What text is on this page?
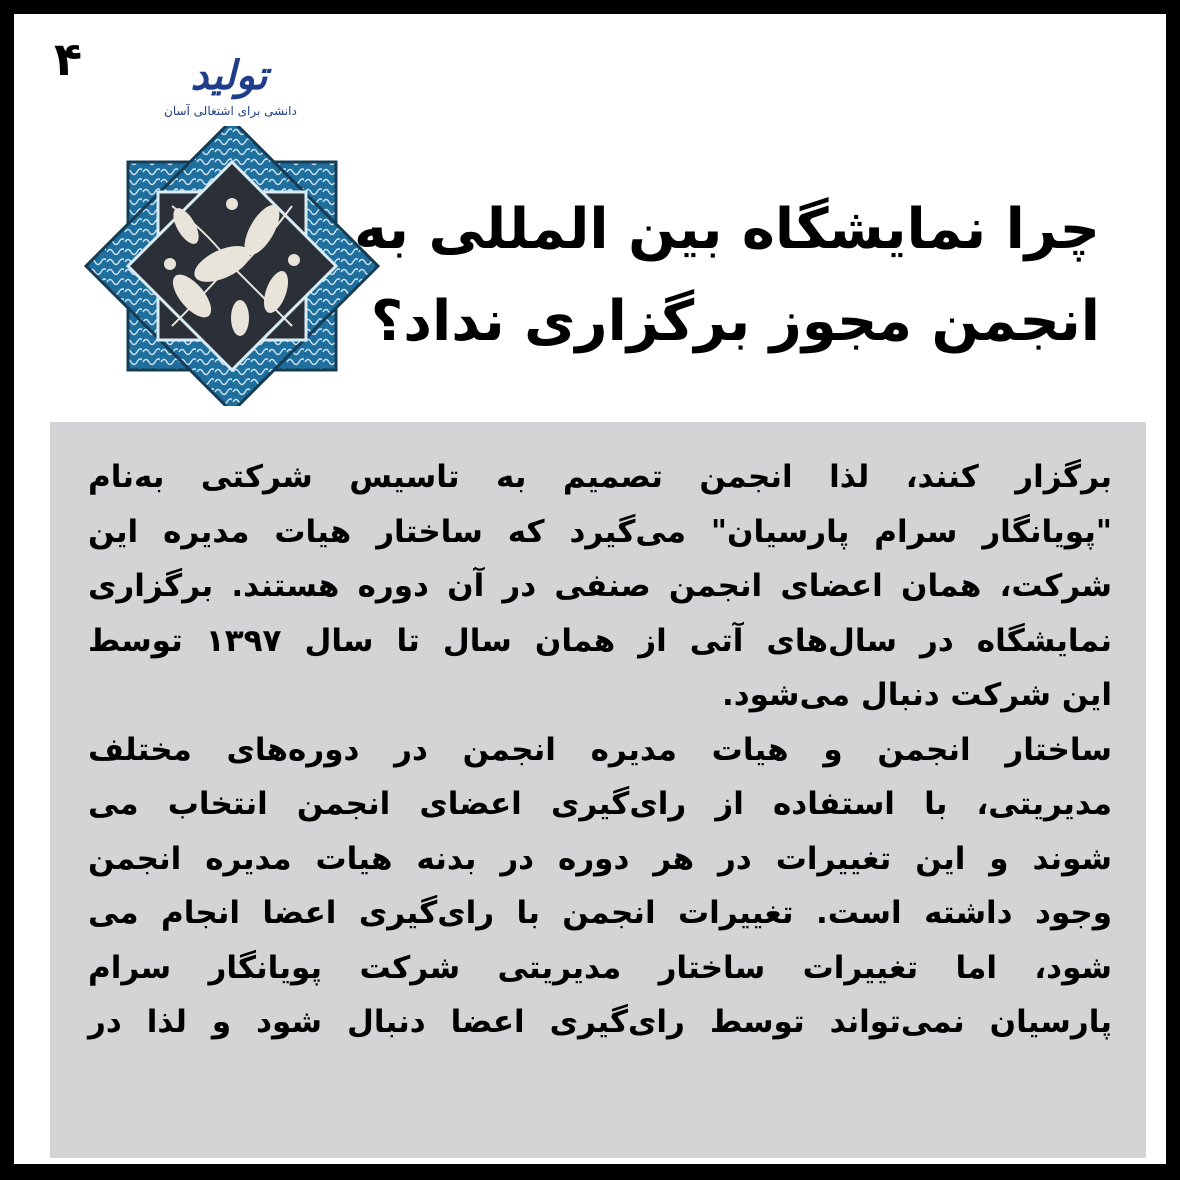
۴	تولید
دانشی برای اشتغالی آسان
چرا نمایشگاه بین المللی به
انجمن مجوز برگزاری نداد؟
برگزار کنند، لذا انجمن تصمیم به تاسیس شرکتی به‌نام
"پویانگار سرام پارسیان" می‌گیرد که ساختار هیات مدیره این
شرکت، همان اعضای انجمن صنفی در آن دوره هستند. برگزاری
نمایشگاه در سال‌های آتی از همان سال تا سال ۱۳۹۷ توسط
این شرکت دنبال می‌شود.
ساختار انجمن و هیات مدیره انجمن در دوره‌های مختلف
مدیریتی، با استفاده از رای‌گیری اعضای انجمن انتخاب می
شوند و این تغییرات در هر دوره در بدنه هیات مدیره انجمن
وجود داشته است. تغییرات انجمن با رای‌گیری اعضا انجام می
شود، اما تغییرات ساختار مدیریتی شرکت پویانگار سرام
پارسیان نمی‌تواند توسط رای‌گیری اعضا دنبال شود و لذا در
